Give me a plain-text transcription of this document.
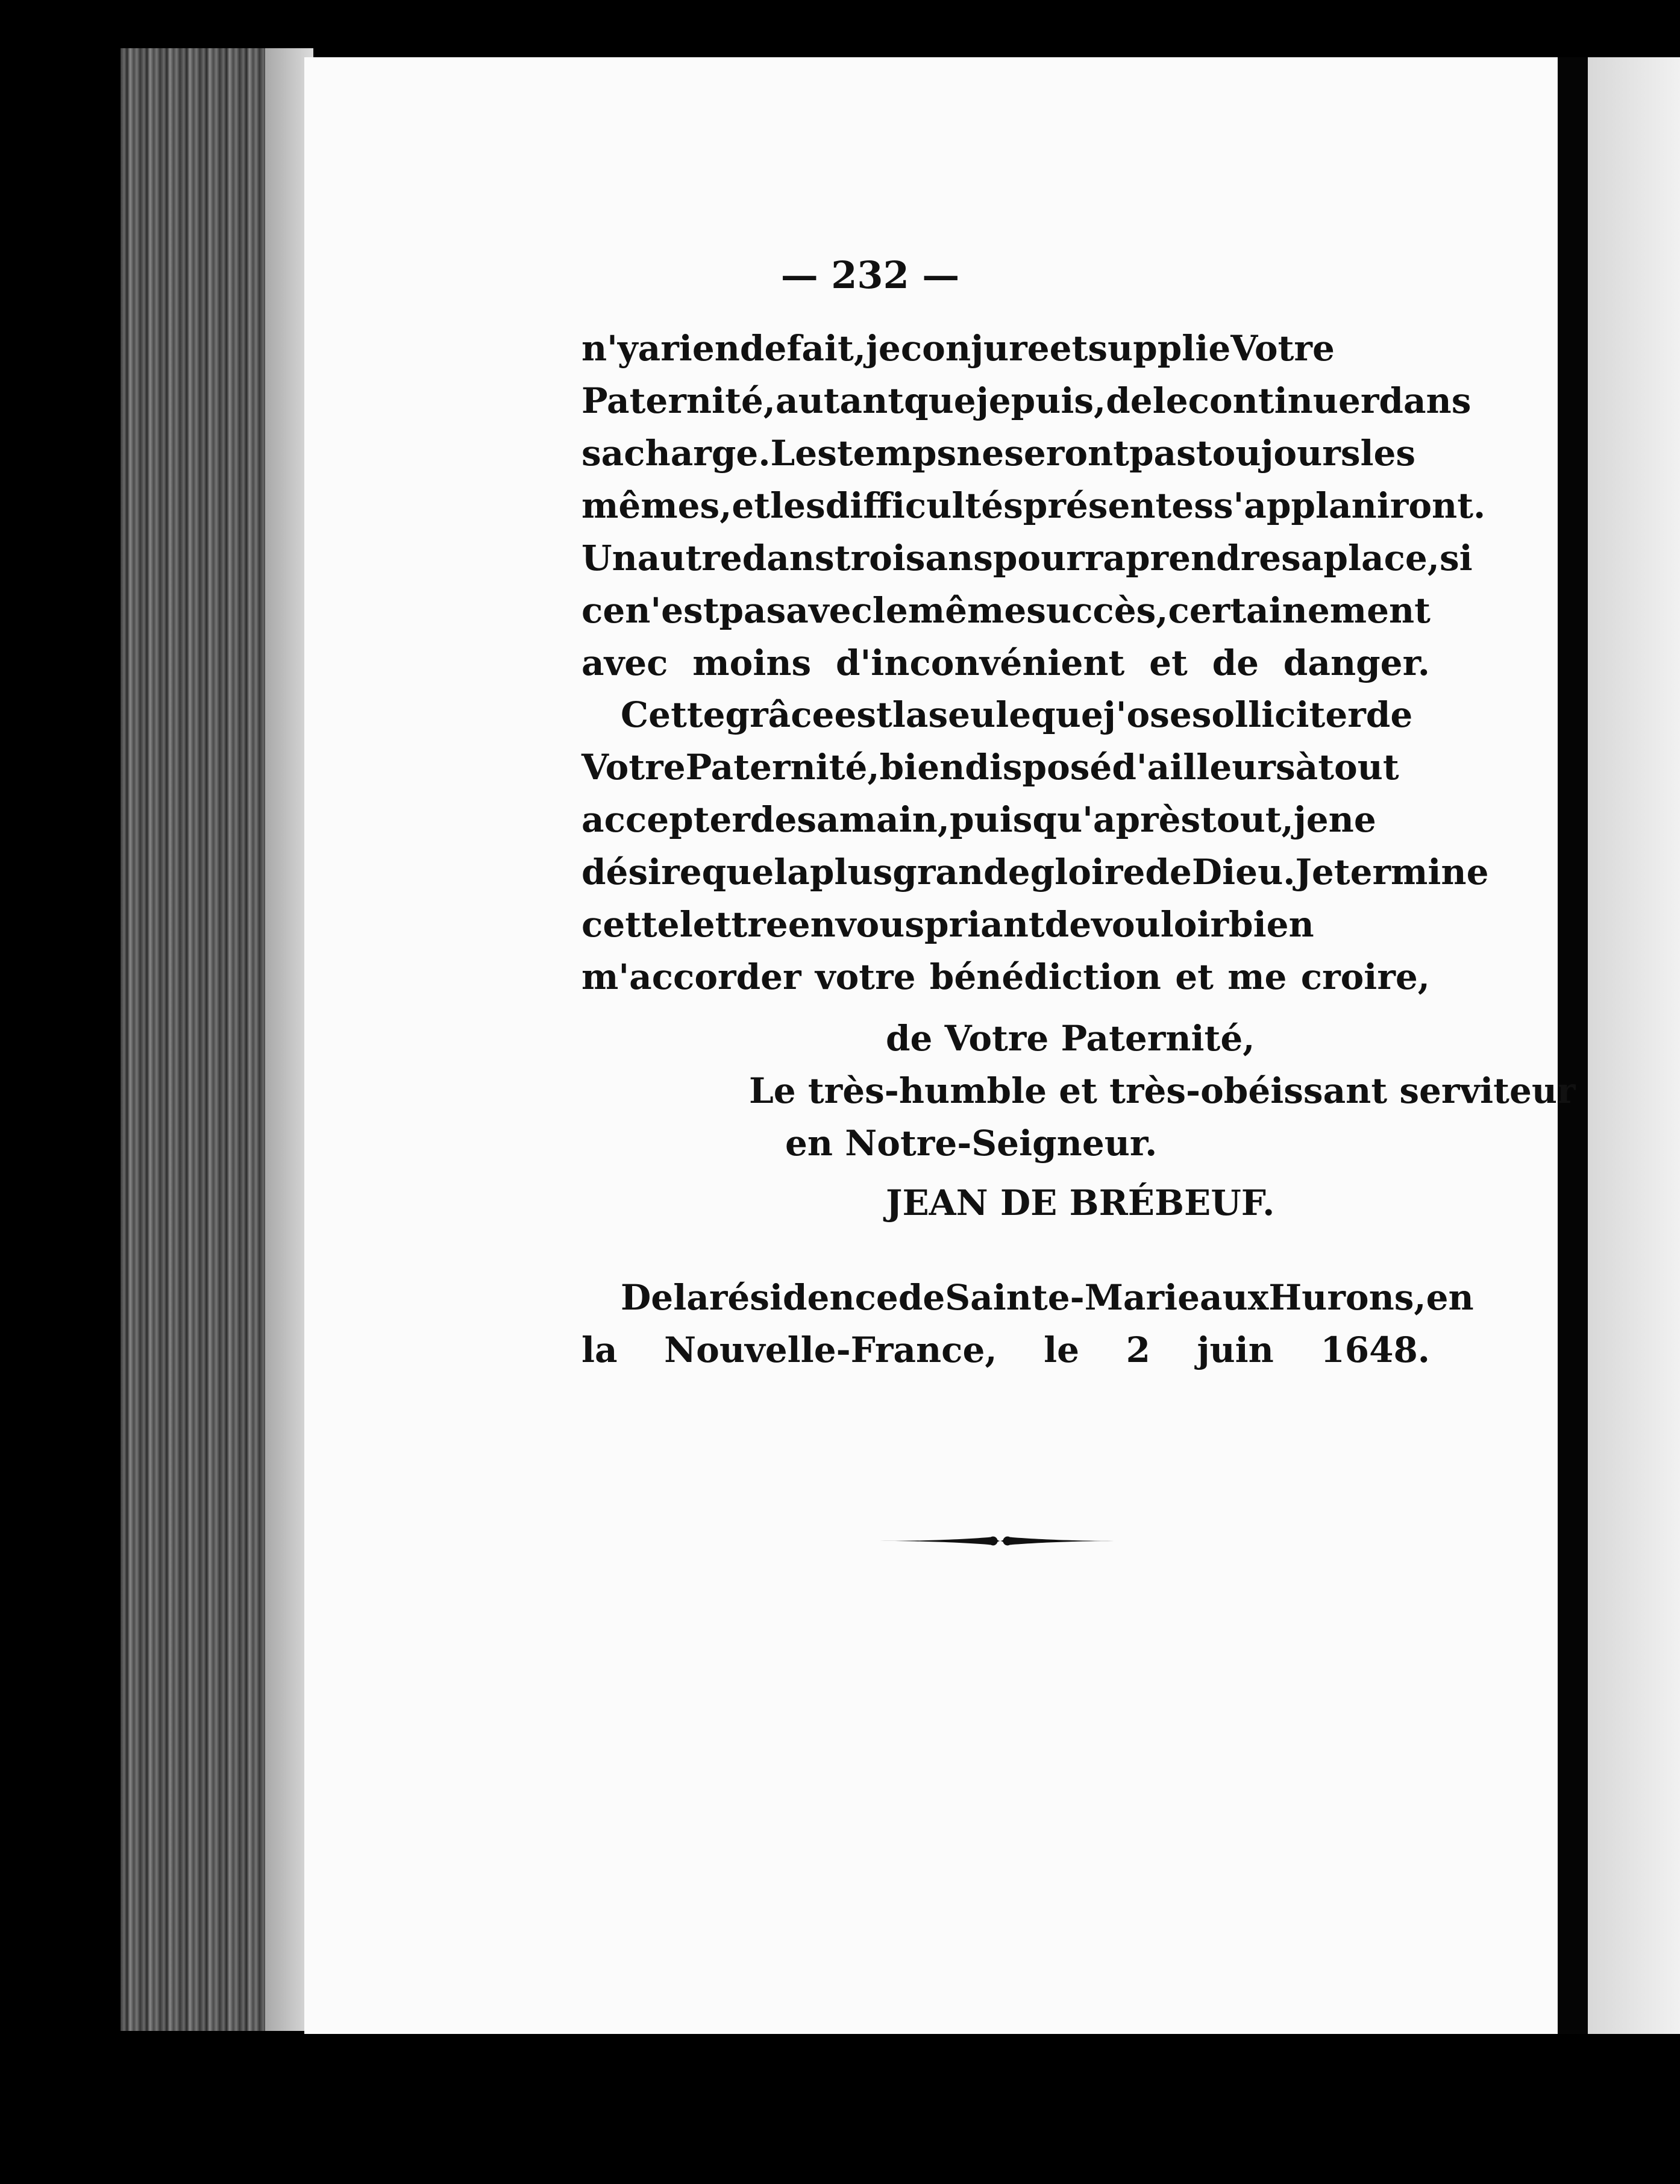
— 232 —
n'yariendefait,jeconjureetsupplieVotre
Paternité,autantquejepuis,delecontinuerdans
sacharge.Lestempsneserontpastoujoursles
mêmes,etlesdifficultésprésentess'applaniront.
Unautredanstroisanspourraprendresaplace,si
cen'estpasaveclemêmesuccès,certainement
avec moins d'inconvénient et de danger.
Cettegrâceestlaseulequej'osesolliciterde
VotrePaternité,biendisposéd'ailleursàtout
accepterdesamain,puisqu'aprèstout,jene
désirequelaplusgrandegloiredeDieu.Jetermine
cettelettreenvouspriantdevouloirbien
m'accorder votre bénédiction et me croire,
de Votre Paternité,
Le très-humble et très-obéissant serviteur
en Notre-Seigneur.
JEAN DE BRÉBEUF.
DelarésidencedeSainte-MarieauxHurons,en
la Nouvelle-France, le 2 juin 1648.
